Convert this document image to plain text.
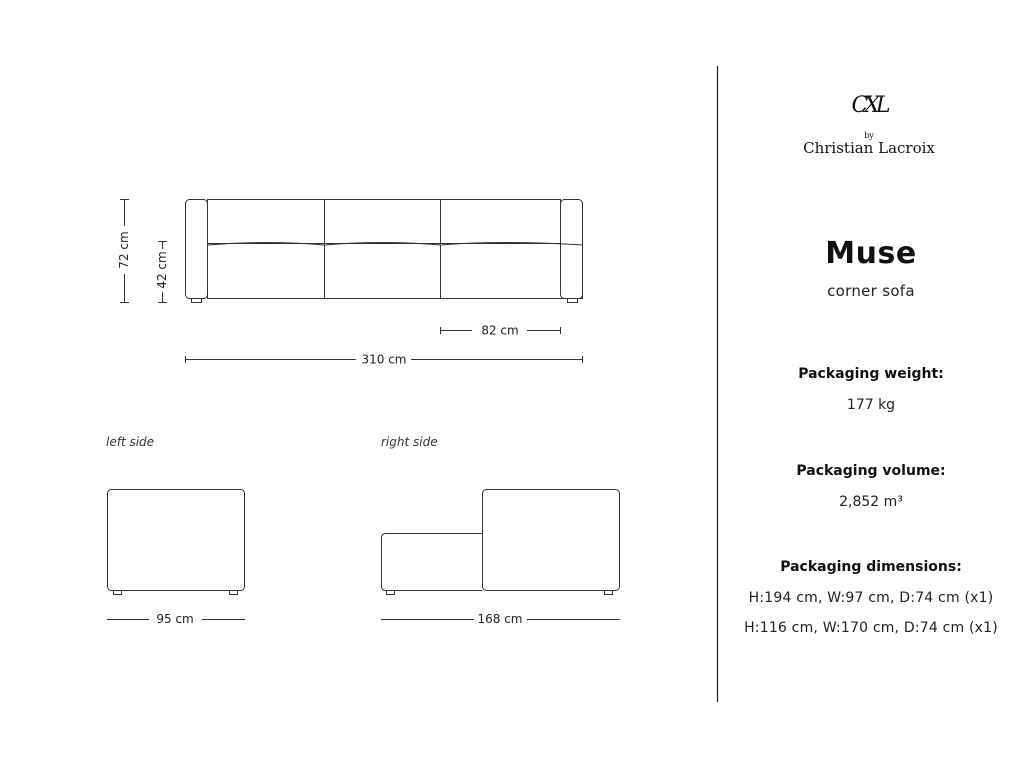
72 cm
42 cm
82 cm
310 cm
left side
95 cm
right side
168 cm
CXL
by
Christian Lacroix
Muse
corner sofa
Packaging weight:
177 kg
Packaging volume:
2,852 m³
Packaging dimensions:
H:194 cm, W:97 cm, D:74 cm (x1)
H:116 cm, W:170 cm, D:74 cm (x1)
